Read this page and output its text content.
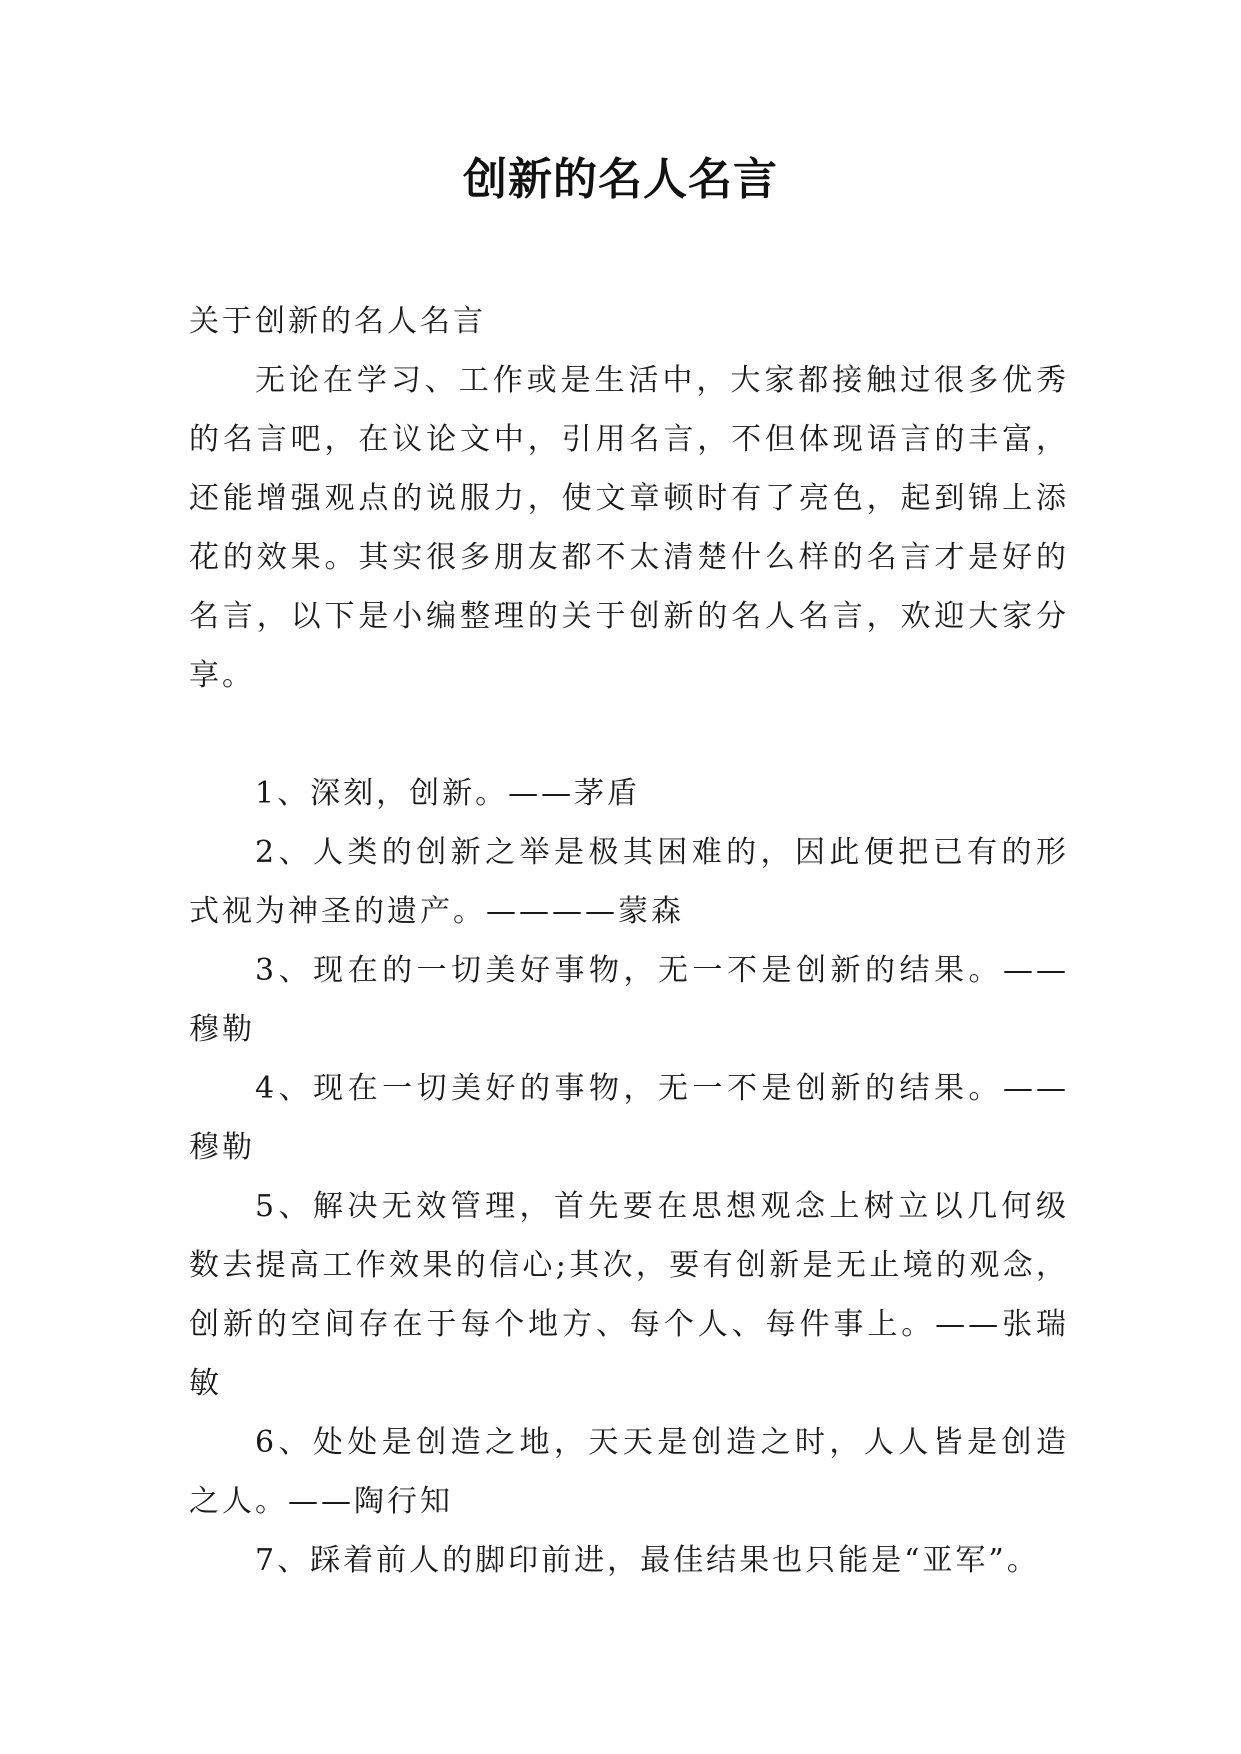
创新的名人名言

关于创新的名人名言

无论在学习、工作或是生活中，大家都接触过很多优秀的名言吧，在议论文中，引用名言，不但体现语言的丰富，还能增强观点的说服力，使文章顿时有了亮色，起到锦上添花的效果。其实很多朋友都不太清楚什么样的名言才是好的名言，以下是小编整理的关于创新的名人名言，欢迎大家分享。

1、深刻，创新。——茅盾
2、人类的创新之举是极其困难的，因此便把已有的形式视为神圣的遗产。————蒙森
3、现在的一切美好事物，无一不是创新的结果。——穆勒
4、现在一切美好的事物，无一不是创新的结果。——穆勒
5、解决无效管理，首先要在思想观念上树立以几何级数去提高工作效果的信心;其次，要有创新是无止境的观念，创新的空间存在于每个地方、每个人、每件事上。——张瑞敏
6、处处是创造之地，天天是创造之时，人人皆是创造之人。——陶行知
7、踩着前人的脚印前进，最佳结果也只能是“亚军”。
